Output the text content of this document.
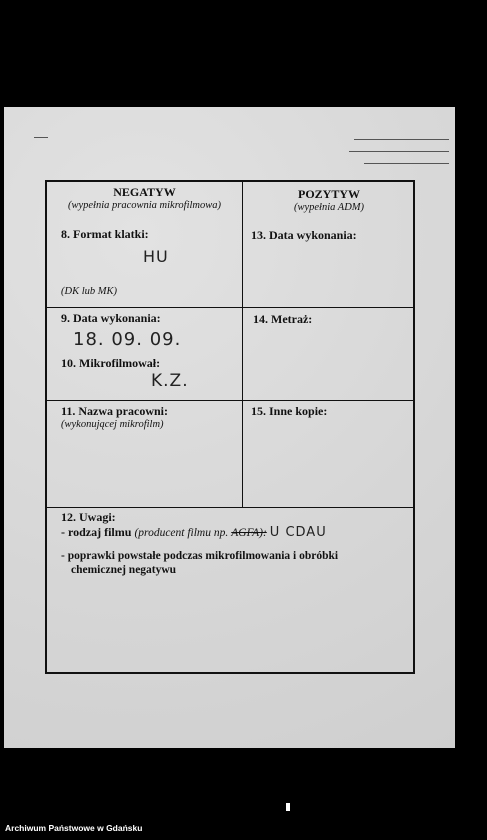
NEGATYW
(wypełnia pracownia mikrofilmowa)
POZYTYW
(wypełnia ADM)
8. Format klatki:
HU
(DK lub MK)
13. Data wykonania:
9. Data wykonania:
18. 09. 09.
10. Mikrofilmował:
K.Z.
14. Metraż:
11. Nazwa pracowni:
(wykonującej mikrofilm)
15. Inne kopie:
12. Uwagi:
- rodzaj filmu (producent filmu np. AGFA): U CDAU
- poprawki powstałe podczas mikrofilmowania i obróbki
chemicznej negatywu
Archiwum Państwowe w Gdańsku
